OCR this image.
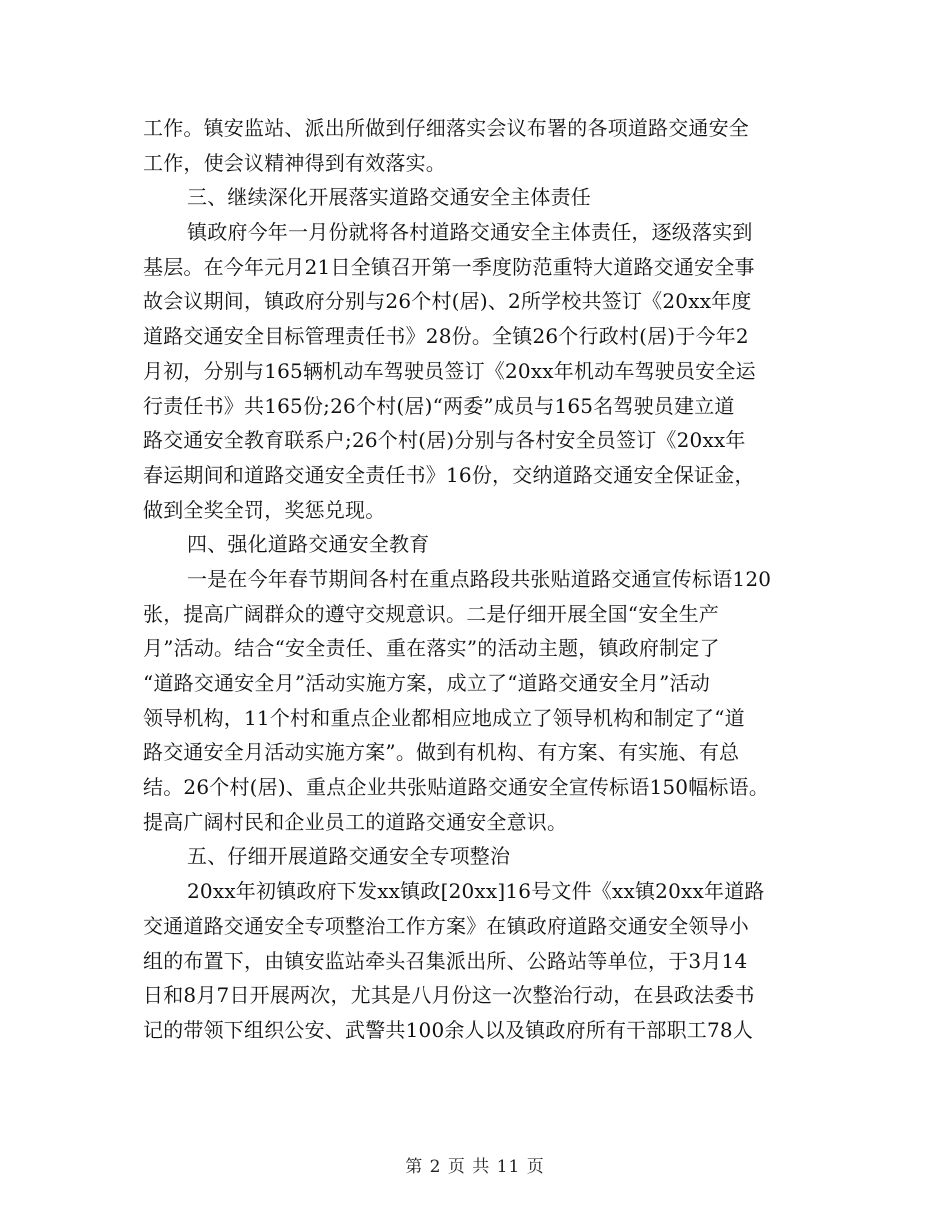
工作。镇安监站、派出所做到仔细落实会议布署的各项道路交通安全
工作，使会议精神得到有效落实。
三、继续深化开展落实道路交通安全主体责任
镇政府今年一月份就将各村道路交通安全主体责任，逐级落实到
基层。在今年元月21日全镇召开第一季度防范重特大道路交通安全事
故会议期间，镇政府分别与26个村(居)、2所学校共签订《20xx年度
道路交通安全目标管理责任书》28份。全镇26个行政村(居)于今年2
月初，分别与165辆机动车驾驶员签订《20xx年机动车驾驶员安全运
行责任书》共165份;26个村(居)“两委”成员与165名驾驶员建立道
路交通安全教育联系户;26个村(居)分别与各村安全员签订《20xx年
春运期间和道路交通安全责任书》16份，交纳道路交通安全保证金，
做到全奖全罚，奖惩兑现。
四、强化道路交通安全教育
一是在今年春节期间各村在重点路段共张贴道路交通宣传标语120
张，提高广阔群众的遵守交规意识。二是仔细开展全国“安全生产
月”活动。结合“安全责任、重在落实”的活动主题，镇政府制定了
“道路交通安全月”活动实施方案，成立了“道路交通安全月”活动
领导机构，11个村和重点企业都相应地成立了领导机构和制定了“道
路交通安全月活动实施方案”。做到有机构、有方案、有实施、有总
结。26个村(居)、重点企业共张贴道路交通安全宣传标语150幅标语。
提高广阔村民和企业员工的道路交通安全意识。
五、仔细开展道路交通安全专项整治
20xx年初镇政府下发xx镇政[20xx]16号文件《xx镇20xx年道路
交通道路交通安全专项整治工作方案》在镇政府道路交通安全领导小
组的布置下，由镇安监站牵头召集派出所、公路站等单位，于3月14
日和8月7日开展两次，尤其是八月份这一次整治行动，在县政法委书
记的带领下组织公安、武警共100余人以及镇政府所有干部职工78人
第 2 页 共 11 页
